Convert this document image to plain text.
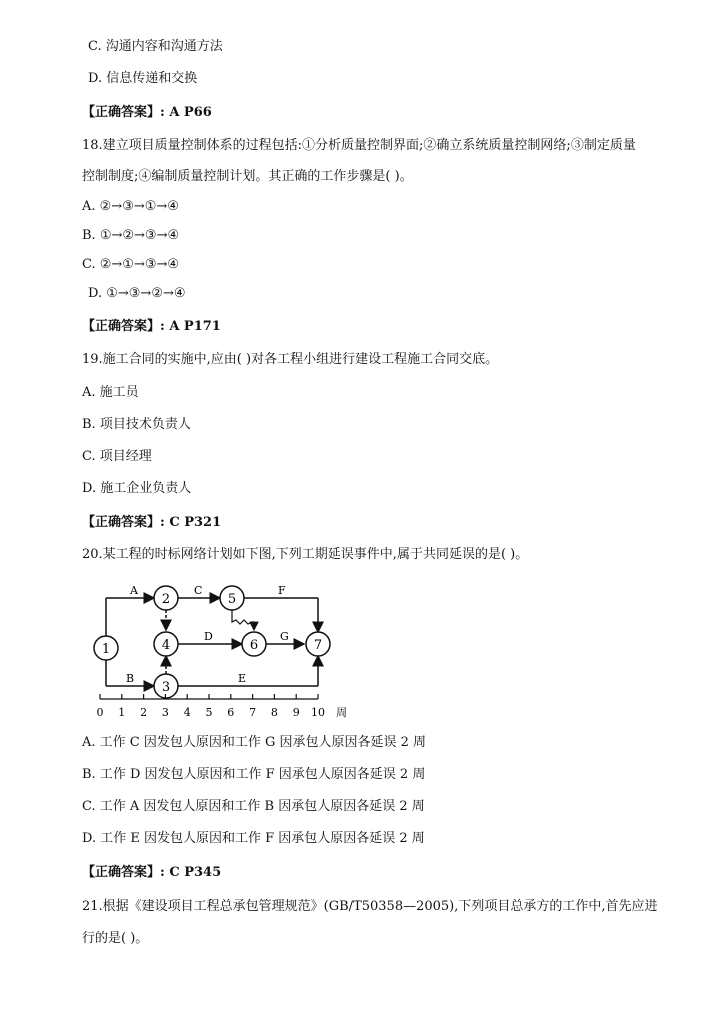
C. 沟通内容和沟通方法
D. 信息传递和交换
【正确答案】: A P66
18.建立项目质量控制体系的过程包括:①分析质量控制界面;②确立系统质量控制网络;③制定质量
控制制度;④编制质量控制计划。其正确的工作步骤是( )。
A. ②→③→①→④
B. ①→②→③→④
C. ②→①→③→④
D. ①→③→②→④
【正确答案】: A P171
19.施工合同的实施中,应由( )对各工程小组进行建设工程施工合同交底。
A. 施工员
B. 项目技术负责人
C. 项目经理
D. 施工企业负责人
【正确答案】: C P321
20.某工程的时标网络计划如下图,下列工期延误事件中,属于共同延误的是( )。
1
2
3
4
5
6	7
A
B
C
D
E
F
G
0 1 2 3 4 5 6 7 8 9 10 周
A. 工作 C 因发包人原因和工作 G 因承包人原因各延误 2 周
B. 工作 D 因发包人原因和工作 F 因承包人原因各延误 2 周
C. 工作 A 因发包人原因和工作 B 因承包人原因各延误 2 周
D. 工作 E 因发包人原因和工作 F 因承包人原因各延误 2 周
【正确答案】: C P345
21.根据《建设项目工程总承包管理规范》(GB/T50358—2005),下列项目总承方的工作中,首先应进
行的是( )。
